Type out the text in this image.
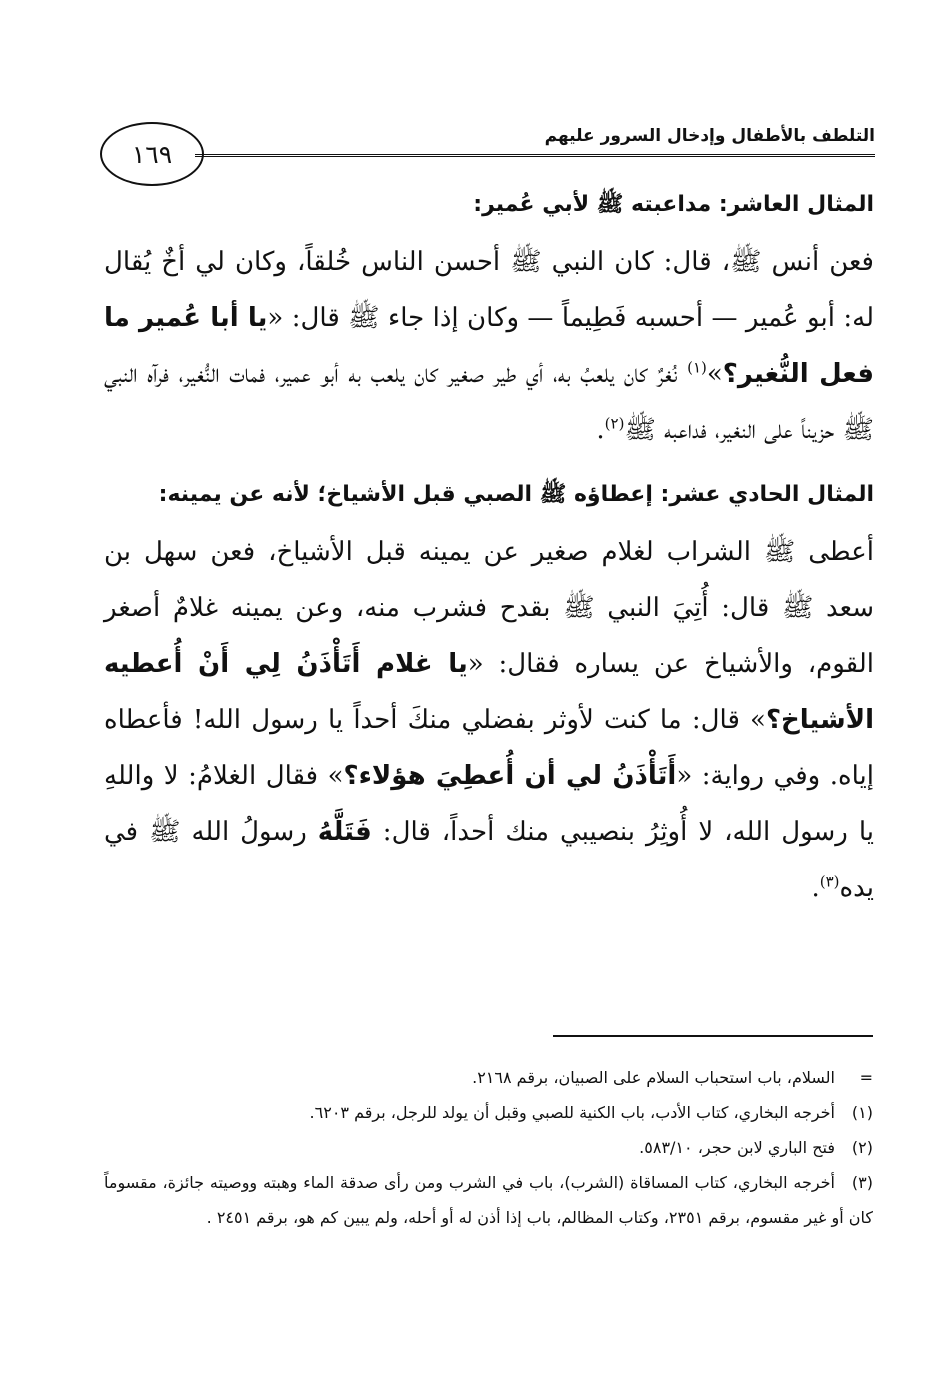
التلطف بالأطفال وإدخال السرور عليهم
١٦٩
المثال العاشر: مداعبته ﷺ لأبي عُمير:

فعن أنس ﷺ، قال: كان النبي ﷺ أحسن الناس خُلقاً، وكان لي أخٌ يُقال له: أبو عُمير — أحسبه فَطِيماً — وكان إذا جاء ﷺ قال: «يا أبا عُمير ما فعل النُّغير؟»$^{(١)}$ نُغرٌ كان يلعبُ به، أي طير صغير كان يلعب به أبو عمير، فمات النُّغير، فرآه النبي ﷺ حزيناً على النغير، فداعبه ﷺ$^{(٢)}$.

المثال الحادي عشر: إعطاؤه ﷺ الصبي قبل الأشياخ؛ لأنه عن يمينه:

أعطى ﷺ الشراب لغلام صغير عن يمينه قبل الأشياخ، فعن سهل بن سعد ﷺ قال: أُتِيَ النبي ﷺ بقدح فشرب منه، وعن يمينه غلامٌ أصغر القوم، والأشياخ عن يساره فقال: «يا غلام أَتَأْذَنُ لِي أَنْ أُعطيه الأشياخ؟» قال: ما كنت لأوثر بفضلي منكَ أحداً يا رسول الله! فأعطاه إياه. وفي رواية: «أَتَأْذَنُ لي أن أُعطِيَ هؤلاء؟» فقال الغلامُ: لا واللهِ يا رسول الله، لا أُوثِرُ بنصيبي منك أحداً، قال: فَتَلَّهُ رسولُ الله ﷺ في يده$^{(٣)}$.

=السلام، باب استحباب السلام على الصبيان، برقم ٢١٦٨.

(١)أخرجه البخاري، كتاب الأدب، باب الكنية للصبي وقبل أن يولد للرجل، برقم ٦٢٠٣.

(٢)فتح الباري لابن حجر، ٥٨٣/١٠.

(٣)أخرجه البخاري، كتاب المساقاة (الشرب)، باب في الشرب ومن رأى صدقة الماء وهبته ووصيته جائزة، مقسوماً كان أو غير مقسوم، برقم ٢٣٥١، وكتاب المظالم، باب إذا أذن له أو أحله، ولم يبين كم هو، برقم ٢٤٥١ .
